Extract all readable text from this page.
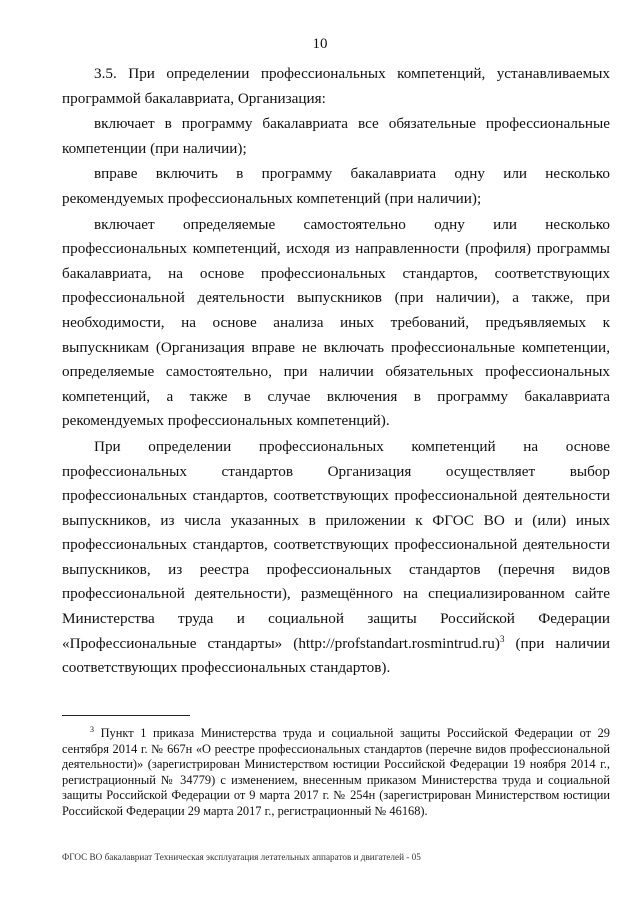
10

3.5. При определении профессиональных компетенций, устанавливаемых программой бакалавриата, Организация:

включает в программу бакалавриата все обязательные профессиональные компетенции (при наличии);

вправе включить в программу бакалавриата одну или несколько рекомендуемых профессиональных компетенций (при наличии);

включает определяемые самостоятельно одну или несколько профессиональных компетенций, исходя из направленности (профиля) программы бакалавриата, на основе профессиональных стандартов, соответствующих профессиональной деятельности выпускников (при наличии), а также, при необходимости, на основе анализа иных требований, предъявляемых к выпускникам (Организация вправе не включать профессиональные компетенции, определяемые самостоятельно, при наличии обязательных профессиональных компетенций, а также в случае включения в программу бакалавриата рекомендуемых профессиональных компетенций).

При определении профессиональных компетенций на основе профессиональных стандартов Организация осуществляет выбор профессиональных стандартов, соответствующих профессиональной деятельности выпускников, из числа указанных в приложении к ФГОС ВО и (или) иных профессиональных стандартов, соответствующих профессиональной деятельности выпускников, из реестра профессиональных стандартов (перечня видов профессиональной деятельности), размещённого на специализированном сайте Министерства труда и социальной защиты Российской Федерации «Профессиональные стандарты» (http://profstandart.rosmintrud.ru)$^3$ (при наличии соответствующих профессиональных стандартов).

$^3$ Пункт 1 приказа Министерства труда и социальной защиты Российской Федерации от 29 сентября 2014 г. № 667н «О реестре профессиональных стандартов (перечне видов профессиональной деятельности)» (зарегистрирован Министерством юстиции Российской Федерации 19 ноября 2014 г., регистрационный № 34779) с изменением, внесенным приказом Министерства труда и социальной защиты Российской Федерации от 9 марта 2017 г. № 254н (зарегистрирован Министерством юстиции Российской Федерации 29 марта 2017 г., регистрационный № 46168).

ФГОС ВО бакалавриат Техническая эксплуатация летательных аппаратов и двигателей - 05
